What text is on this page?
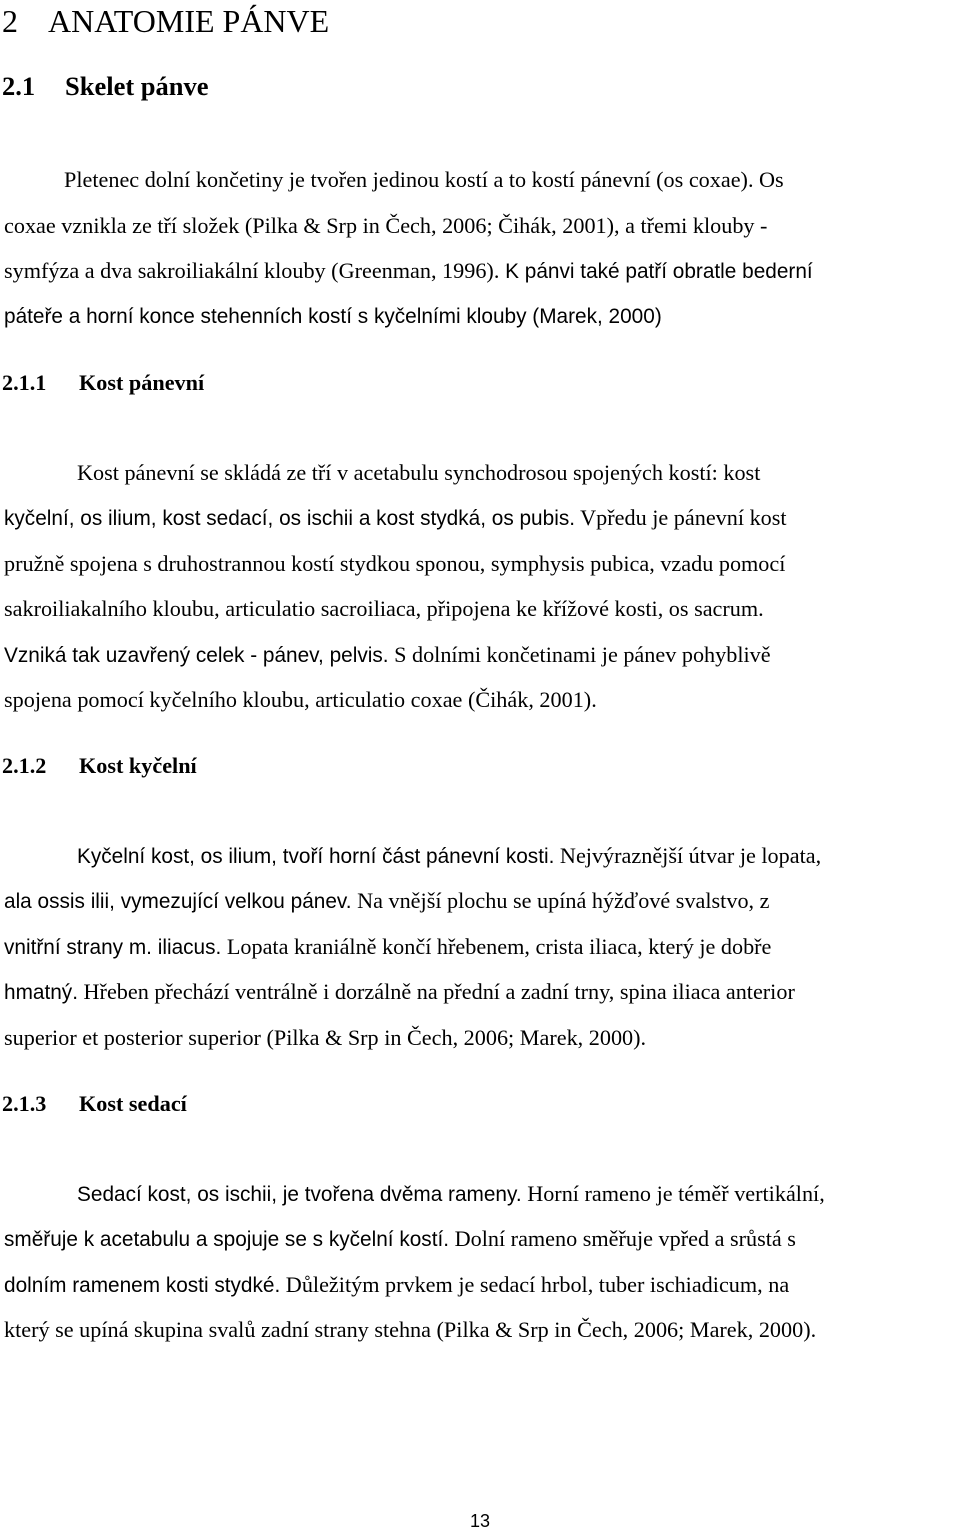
2 ANATOMIE PÁNVE
2.1 Skelet pánve
Pletenec dolní končetiny je tvořen jedinou kostí a to kostí pánevní (os coxae). Os
coxae vznikla ze tří složek (Pilka & Srp in Čech, 2006; Čihák, 2001), a třemi klouby -
symfýza a dva sakroiliakální klouby (Greenman, 1996). K pánvi také patří obratle bederní
páteře a horní konce stehenních kostí s kyčelními klouby (Marek, 2000)
2.1.1 Kost pánevní
Kost pánevní se skládá ze tří v acetabulu synchodrosou spojených kostí: kost
kyčelní, os ilium, kost sedací, os ischii a kost stydká, os pubis. Vpředu je pánevní kost
pružně spojena s druhostrannou kostí stydkou sponou, symphysis pubica, vzadu pomocí
sakroiliakalního kloubu, articulatio sacroiliaca, připojena ke křížové kosti, os sacrum.
Vzniká tak uzavřený celek - pánev, pelvis. S dolními končetinami je pánev pohyblivě
spojena pomocí kyčelního kloubu, articulatio coxae (Čihák, 2001).
2.1.2 Kost kyčelní
Kyčelní kost, os ilium, tvoří horní část pánevní kosti. Nejvýraznější útvar je lopata,
ala ossis ilii, vymezující velkou pánev. Na vnější plochu se upíná hýžďové svalstvo, z
vnitřní strany m. iliacus. Lopata kraniálně končí hřebenem, crista iliaca, který je dobře
hmatný. Hřeben přechází ventrálně i dorzálně na přední a zadní trny, spina iliaca anterior
superior et posterior superior (Pilka & Srp in Čech, 2006; Marek, 2000).
2.1.3 Kost sedací
Sedací kost, os ischii, je tvořena dvěma rameny. Horní rameno je téměř vertikální,
směřuje k acetabulu a spojuje se s kyčelní kostí. Dolní rameno směřuje vpřed a srůstá s
dolním ramenem kosti stydké. Důležitým prvkem je sedací hrbol, tuber ischiadicum, na
který se upíná skupina svalů zadní strany stehna (Pilka & Srp in Čech, 2006; Marek, 2000).
13
